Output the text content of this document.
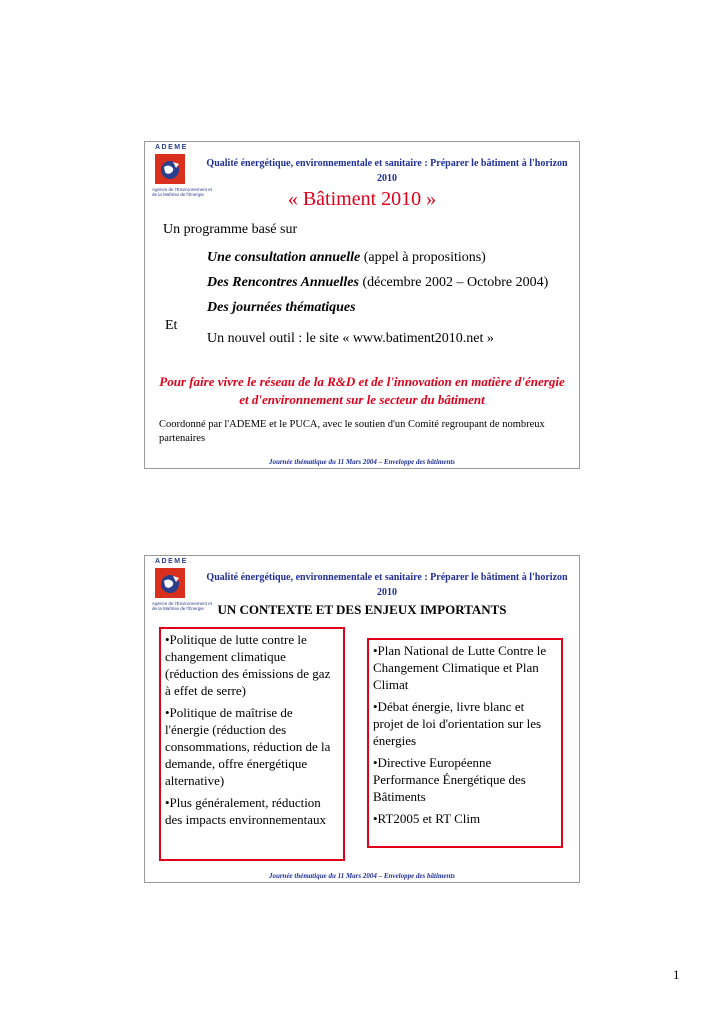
ADEME
Agence de l'Environnement et de la Maîtrise de l'Énergie
Qualité énergétique, environnementale et sanitaire : Préparer le bâtiment à l'horizon 2010
« Bâtiment 2010 »
Un programme basé sur
Une consultation annuelle (appel à propositions)
Des Rencontres Annuelles (décembre 2002 – Octobre 2004)
Des journées thématiques
Et
Un nouvel outil : le site « www.batiment2010.net »
Pour faire vivre le réseau de la R&D et de l'innovation en matière d'énergie et d'environnement sur le secteur du bâtiment
Coordonné par l'ADEME et le PUCA, avec le soutien d'un Comité regroupant de nombreux partenaires
Journée thématique du 11 Mars 2004 – Enveloppe des bâtiments
ADEME
Agence de l'Environnement et de la Maîtrise de l'Énergie
Qualité énergétique, environnementale et sanitaire : Préparer le bâtiment à l'horizon 2010
UN CONTEXTE ET DES ENJEUX IMPORTANTS

•Politique de lutte contre le changement climatique (réduction des émissions de gaz à effet de serre)

•Politique de maîtrise de l'énergie (réduction des consommations, réduction de la demande, offre énergétique alternative)

•Plus généralement, réduction des impacts environnementaux

•Plan National de Lutte Contre le Changement Climatique et Plan Climat

•Débat énergie, livre blanc et projet de loi d'orientation sur les énergies

•Directive Européenne Performance Énergétique des Bâtiments

•RT2005 et RT Clim

Journée thématique du 11 Mars 2004 – Enveloppe des bâtiments
1
